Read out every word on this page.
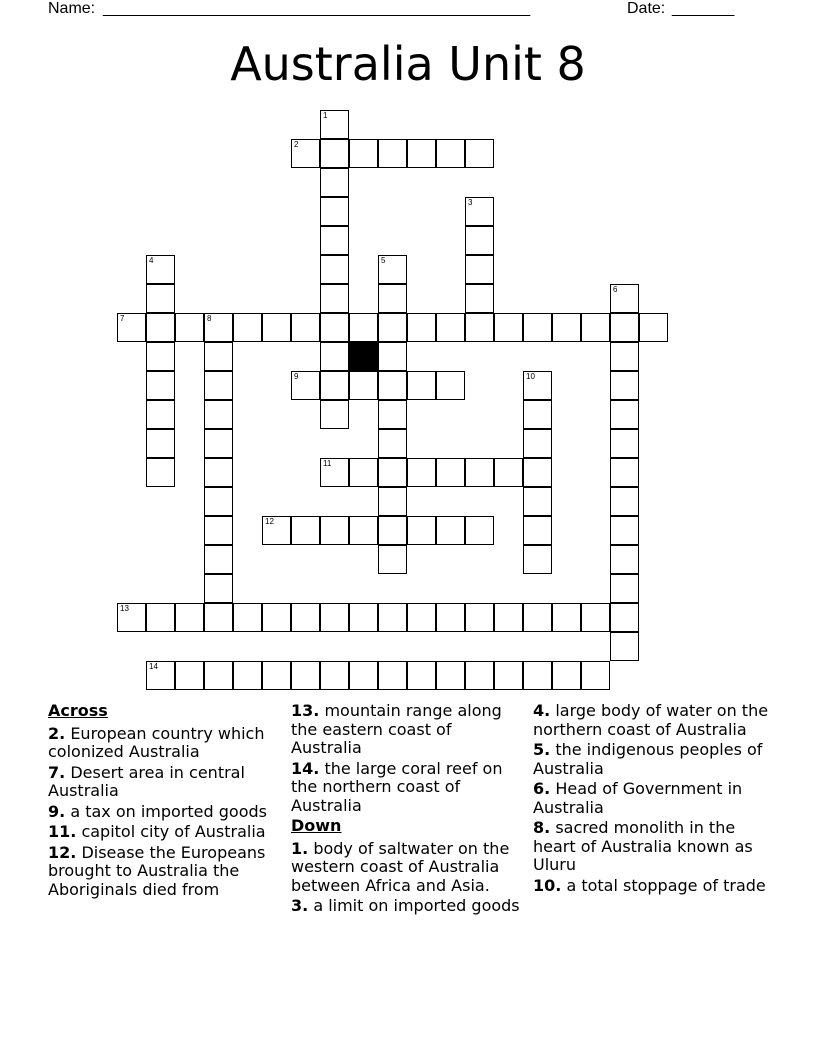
Name: ________________________________________________	Date: _______
Australia Unit 8
1
2
3
4	5
6
7	8
9	10
11
12
13
14

Across

2. European country which colonized Australia

7. Desert area in central Australia

9. a tax on imported goods

11. capitol city of Australia

12. Disease the Europeans brought to Australia the Aboriginals died from

13. mountain range along the eastern coast of Australia

14. the large coral reef on the northern coast of Australia

Down

1. body of saltwater on the western coast of Australia between Africa and Asia.

3. a limit on imported goods

4. large body of water on the northern coast of Australia

5. the indigenous peoples of Australia

6. Head of Government in Australia

8. sacred monolith in the heart of Australia known as Uluru

10. a total stoppage of trade
